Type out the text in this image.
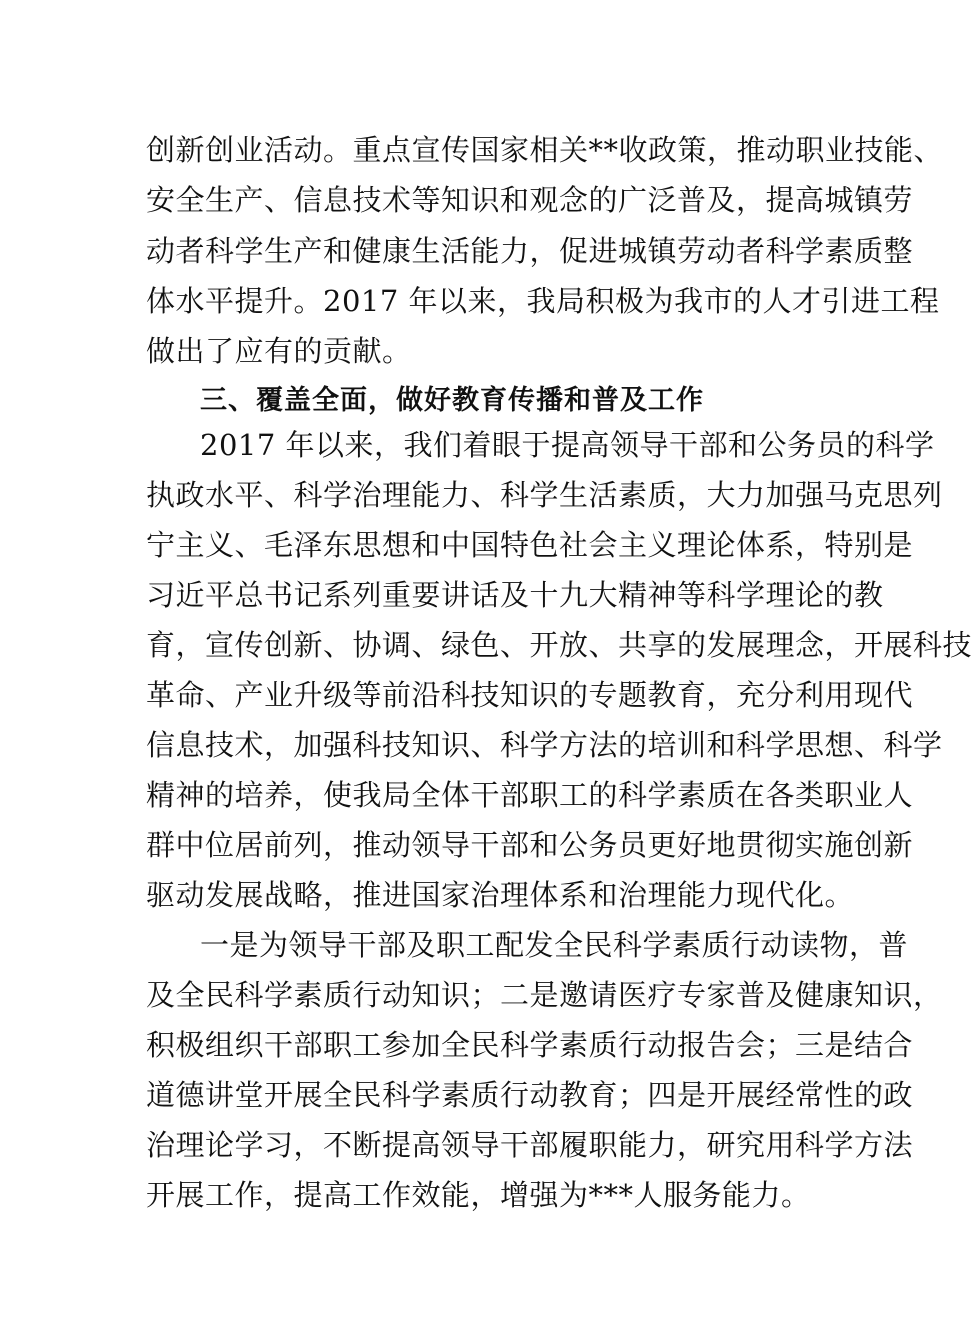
创新创业活动。重点宣传国家相关**收政策，推动职业技能、
安全生产、信息技术等知识和观念的广泛普及，提高城镇劳
动者科学生产和健康生活能力，促进城镇劳动者科学素质整
体水平提升。2017 年以来，我局积极为我市的人才引进工程
做出了应有的贡献。
三、覆盖全面，做好教育传播和普及工作
2017 年以来，我们着眼于提高领导干部和公务员的科学
执政水平、科学治理能力、科学生活素质，大力加强马克思列
宁主义、毛泽东思想和中国特色社会主义理论体系，特别是
习近平总书记系列重要讲话及十九大精神等科学理论的教
育，宣传创新、协调、绿色、开放、共享的发展理念，开展科技
革命、产业升级等前沿科技知识的专题教育，充分利用现代
信息技术，加强科技知识、科学方法的培训和科学思想、科学
精神的培养，使我局全体干部职工的科学素质在各类职业人
群中位居前列，推动领导干部和公务员更好地贯彻实施创新
驱动发展战略，推进国家治理体系和治理能力现代化。
一是为领导干部及职工配发全民科学素质行动读物，普
及全民科学素质行动知识；二是邀请医疗专家普及健康知识，
积极组织干部职工参加全民科学素质行动报告会；三是结合
道德讲堂开展全民科学素质行动教育；四是开展经常性的政
治理论学习，不断提高领导干部履职能力，研究用科学方法
开展工作，提高工作效能，增强为***人服务能力。
